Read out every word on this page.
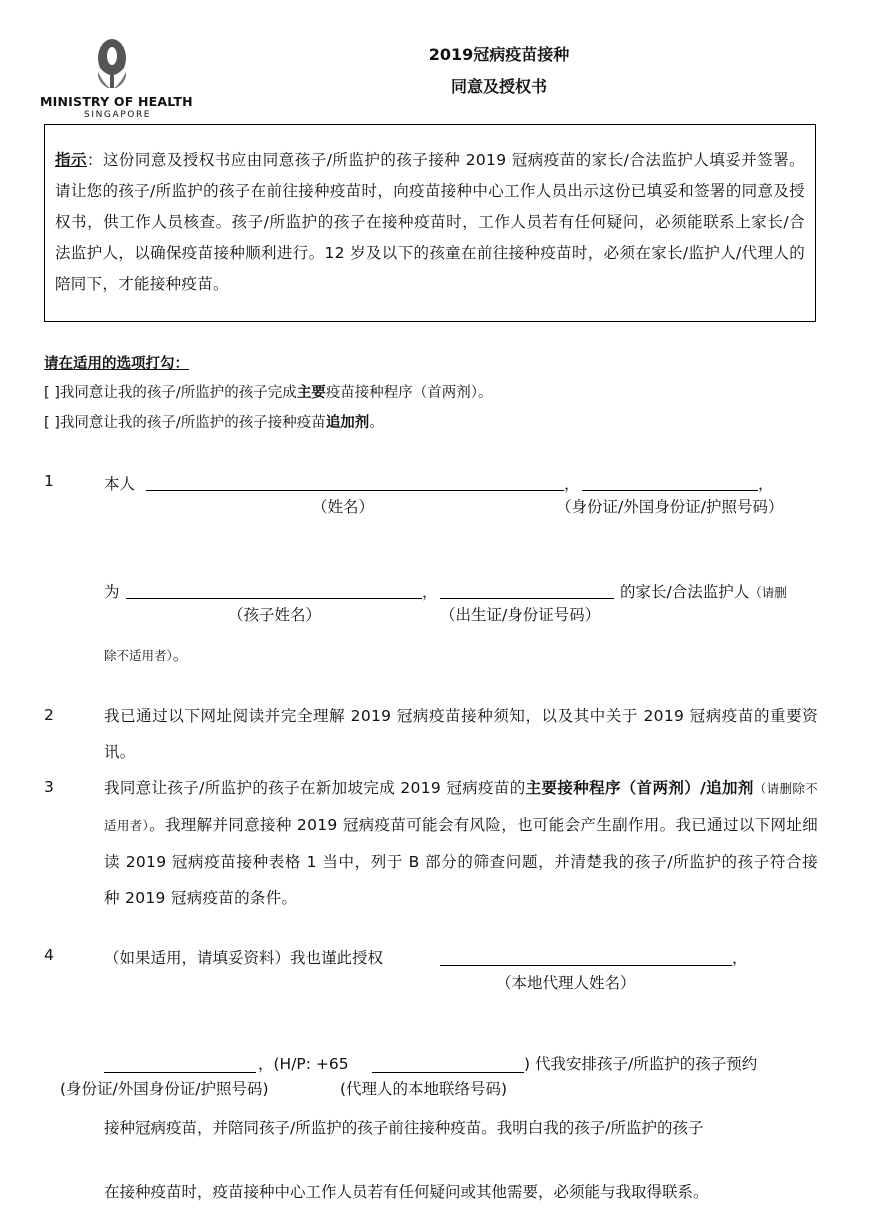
MINISTRY OF HEALTH
SINGAPORE
2019冠病疫苗接种
同意及授权书

指示：这份同意及授权书应由同意孩子/所监护的孩子接种 2019 冠病疫苗的家长/合法监护人填妥并签署。请让您的孩子/所监护的孩子在前往接种疫苗时，向疫苗接种中心工作人员出示这份已填妥和签署的同意及授权书，供工作人员核查。孩子/所监护的孩子在接种疫苗时，工作人员若有任何疑问，必须能联系上家长/合法监护人，以确保疫苗接种顺利进行。12 岁及以下的孩童在前往接种疫苗时，必须在家长/监护人/代理人的陪同下，才能接种疫苗。

请在适用的选项打勾：
[ ]我同意让我的孩子/所监护的孩子完成主要疫苗接种程序（首两剂）。
[ ]我同意让我的孩子/所监护的孩子接种疫苗追加剂。
1	本人	，	，
（姓名）	（身份证/外国身份证/护照号码）
为	，	的家长/合法监护人（请删
（孩子姓名）	（出生证/身份证号码）
除不适用者）。
2	我已通过以下网址阅读并完全理解 2019 冠病疫苗接种须知，以及其中关于 2019 冠病疫苗的重要资讯。
3	我同意让孩子/所监护的孩子在新加坡完成 2019 冠病疫苗的主要接种程序（首两剂）/追加剂（请删除不适用者）。我理解并同意接种 2019 冠病疫苗可能会有风险，也可能会产生副作用。我已通过以下网址细读 2019 冠病疫苗接种表格 1 当中，列于 B 部分的筛查问题，并清楚我的孩子/所监护的孩子符合接种 2019 冠病疫苗的条件。
4	（如果适用，请填妥资料）我也谨此授权	，
（本地代理人姓名）
，(H/P: +65	) 代我安排孩子/所监护的孩子预约
(身份证/外国身份证/护照号码)	(代理人的本地联络号码)
接种冠病疫苗，并陪同孩子/所监护的孩子前往接种疫苗。我明白我的孩子/所监护的孩子
在接种疫苗时，疫苗接种中心工作人员若有任何疑问或其他需要，必须能与我取得联系。
